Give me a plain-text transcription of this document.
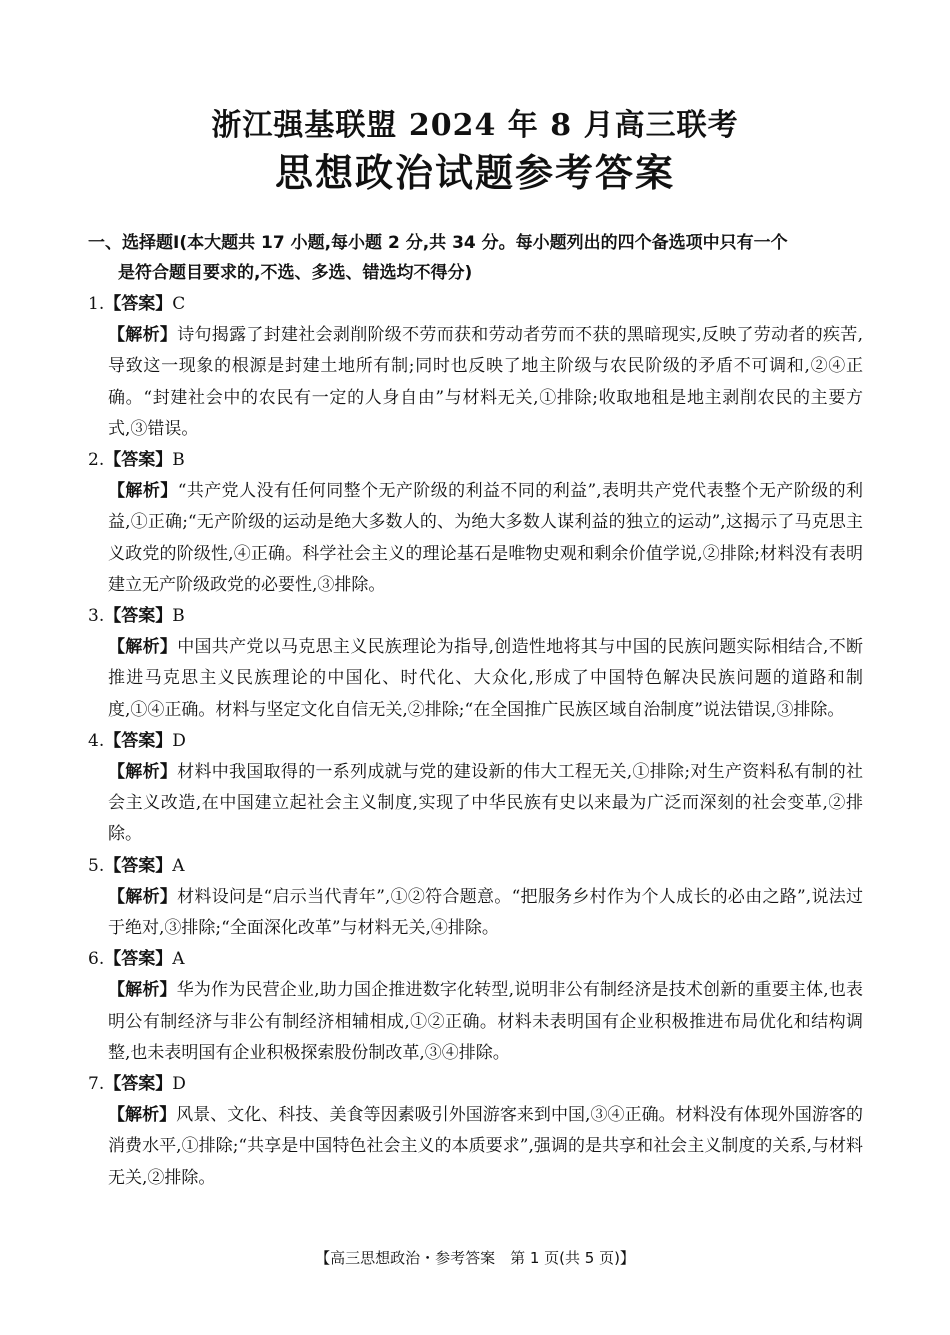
浙江强基联盟 2024 年 8 月高三联考
思想政治试题参考答案
一、选择题Ⅰ(本大题共 17 小题,每小题 2 分,共 34 分。每小题列出的四个备选项中只有一个
是符合题目要求的,不选、多选、错选均不得分)
1.【答案】C
【解析】诗句揭露了封建社会剥削阶级不劳而获和劳动者劳而不获的黑暗现实,反映了劳动者的疾苦,导致这一现象的根源是封建土地所有制;同时也反映了地主阶级与农民阶级的矛盾不可调和,②④正确。“封建社会中的农民有一定的人身自由”与材料无关,①排除;收取地租是地主剥削农民的主要方式,③错误。
2.【答案】B
【解析】“共产党人没有任何同整个无产阶级的利益不同的利益”,表明共产党代表整个无产阶级的利益,①正确;“无产阶级的运动是绝大多数人的、为绝大多数人谋利益的独立的运动”,这揭示了马克思主义政党的阶级性,④正确。科学社会主义的理论基石是唯物史观和剩余价值学说,②排除;材料没有表明建立无产阶级政党的必要性,③排除。
3.【答案】B
【解析】中国共产党以马克思主义民族理论为指导,创造性地将其与中国的民族问题实际相结合,不断推进马克思主义民族理论的中国化、时代化、大众化,形成了中国特色解决民族问题的道路和制度,①④正确。材料与坚定文化自信无关,②排除;“在全国推广民族区域自治制度”说法错误,③排除。
4.【答案】D
【解析】材料中我国取得的一系列成就与党的建设新的伟大工程无关,①排除;对生产资料私有制的社会主义改造,在中国建立起社会主义制度,实现了中华民族有史以来最为广泛而深刻的社会变革,②排除。
5.【答案】A
【解析】材料设问是“启示当代青年”,①②符合题意。“把服务乡村作为个人成长的必由之路”,说法过于绝对,③排除;“全面深化改革”与材料无关,④排除。
6.【答案】A
【解析】华为作为民营企业,助力国企推进数字化转型,说明非公有制经济是技术创新的重要主体,也表明公有制经济与非公有制经济相辅相成,①②正确。材料未表明国有企业积极推进布局优化和结构调整,也未表明国有企业积极探索股份制改革,③④排除。
7.【答案】D
【解析】风景、文化、科技、美食等因素吸引外国游客来到中国,③④正确。材料没有体现外国游客的消费水平,①排除;“共享是中国特色社会主义的本质要求”,强调的是共享和社会主义制度的关系,与材料无关,②排除。
【高三思想政治・参考答案　第 1 页(共 5 页)】
